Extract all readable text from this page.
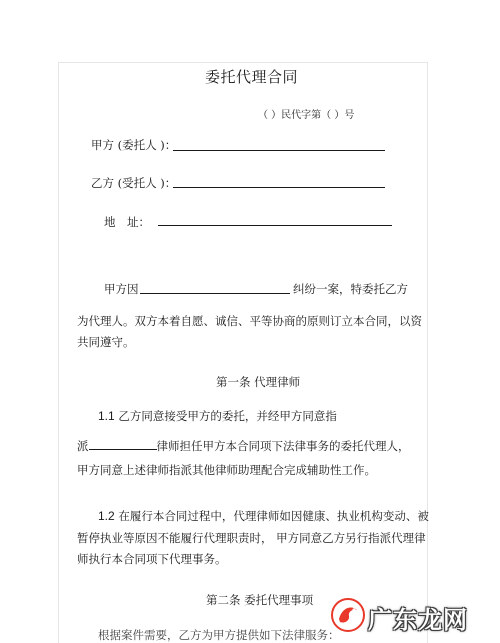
委托代理合同
（ ）民代字第（ ）号
甲方 (委托人 )：
乙方 (受托人 )：
地　址：
甲方因	纠纷一案，特委托乙方
为代理人。双方本着自愿、诚信、平等协商的原则订立本合同，以资
共同遵守。
第一条 代理律师
1.1 乙方同意接受甲方的委托，并经甲方同意指
派	律师担任甲方本合同项下法律事务的委托代理人，
甲方同意上述律师指派其他律师助理配合完成辅助性工作。
1.2 在履行本合同过程中，代理律师如因健康、执业机构变动、被
暂停执业等原因不能履行代理职责时， 甲方同意乙方另行指派代理律
师执行本合同项下代理事务。
第二条 委托代理事项
根据案件需要，乙方为甲方提供如下法律服务：
广东龙网
